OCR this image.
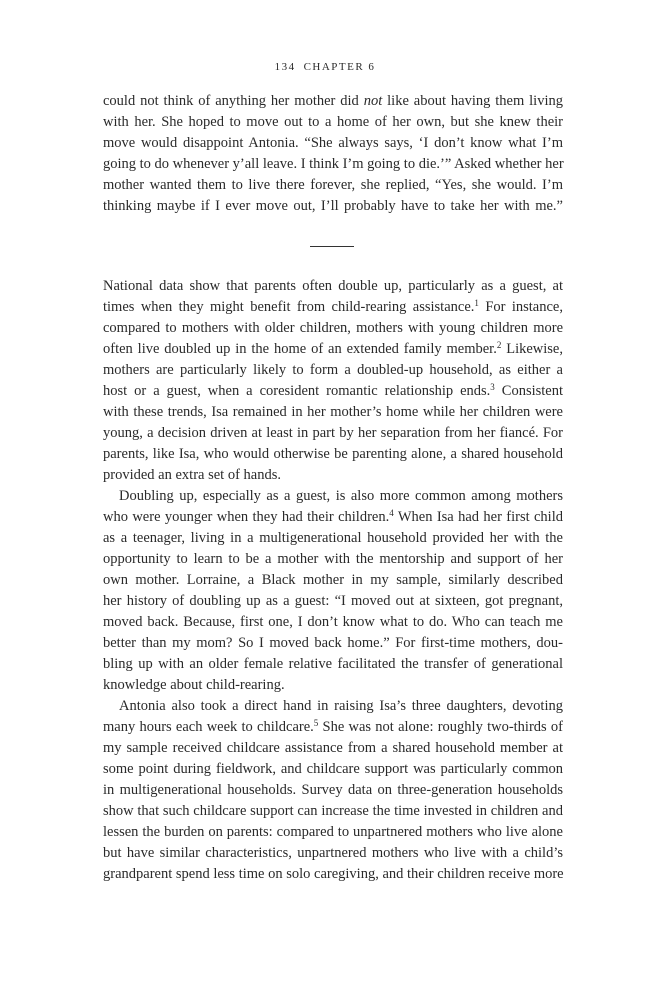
134 CHAPTER 6
could not think of anything her mother did not like about having them living
with her. She hoped to move out to a home of her own, but she knew their
move would disappoint Antonia. “She always says, ‘I don’t know what I’m
going to do whenever y’all leave. I think I’m going to die.’” Asked whether her
mother wanted them to live there forever, she replied, “Yes, she would. I’m
thinking maybe if I ever move out, I’ll probably have to take her with me.”
National data show that parents often double up, particularly as a guest, at
times when they might benefit from child-rearing assistance.$^1$ For instance,
compared to mothers with older children, mothers with young children more
often live doubled up in the home of an extended family member.$^2$ Likewise,
mothers are particularly likely to form a doubled-up household, as either a
host or a guest, when a coresident romantic relationship ends.$^3$ Consistent
with these trends, Isa remained in her mother’s home while her children were
young, a decision driven at least in part by her separation from her fiancé. For
parents, like Isa, who would otherwise be parenting alone, a shared household
provided an extra set of hands.
Doubling up, especially as a guest, is also more common among mothers
who were younger when they had their children.$^4$ When Isa had her first child
as a teenager, living in a multigenerational household provided her with the
opportunity to learn to be a mother with the mentorship and support of her
own mother. Lorraine, a Black mother in my sample, similarly described
her history of doubling up as a guest: “I moved out at sixteen, got pregnant,
moved back. Because, first one, I don’t know what to do. Who can teach me
better than my mom? So I moved back home.” For first-time mothers, dou-
bling up with an older female relative facilitated the transfer of generational
knowledge about child-rearing.
Antonia also took a direct hand in raising Isa’s three daughters, devoting
many hours each week to childcare.$^5$ She was not alone: roughly two-thirds of
my sample received childcare assistance from a shared household member at
some point during fieldwork, and childcare support was particularly common
in multigenerational households. Survey data on three-generation households
show that such childcare support can increase the time invested in children and
lessen the burden on parents: compared to unpartnered mothers who live alone
but have similar characteristics, unpartnered mothers who live with a child’s
grandparent spend less time on solo caregiving, and their children receive more
